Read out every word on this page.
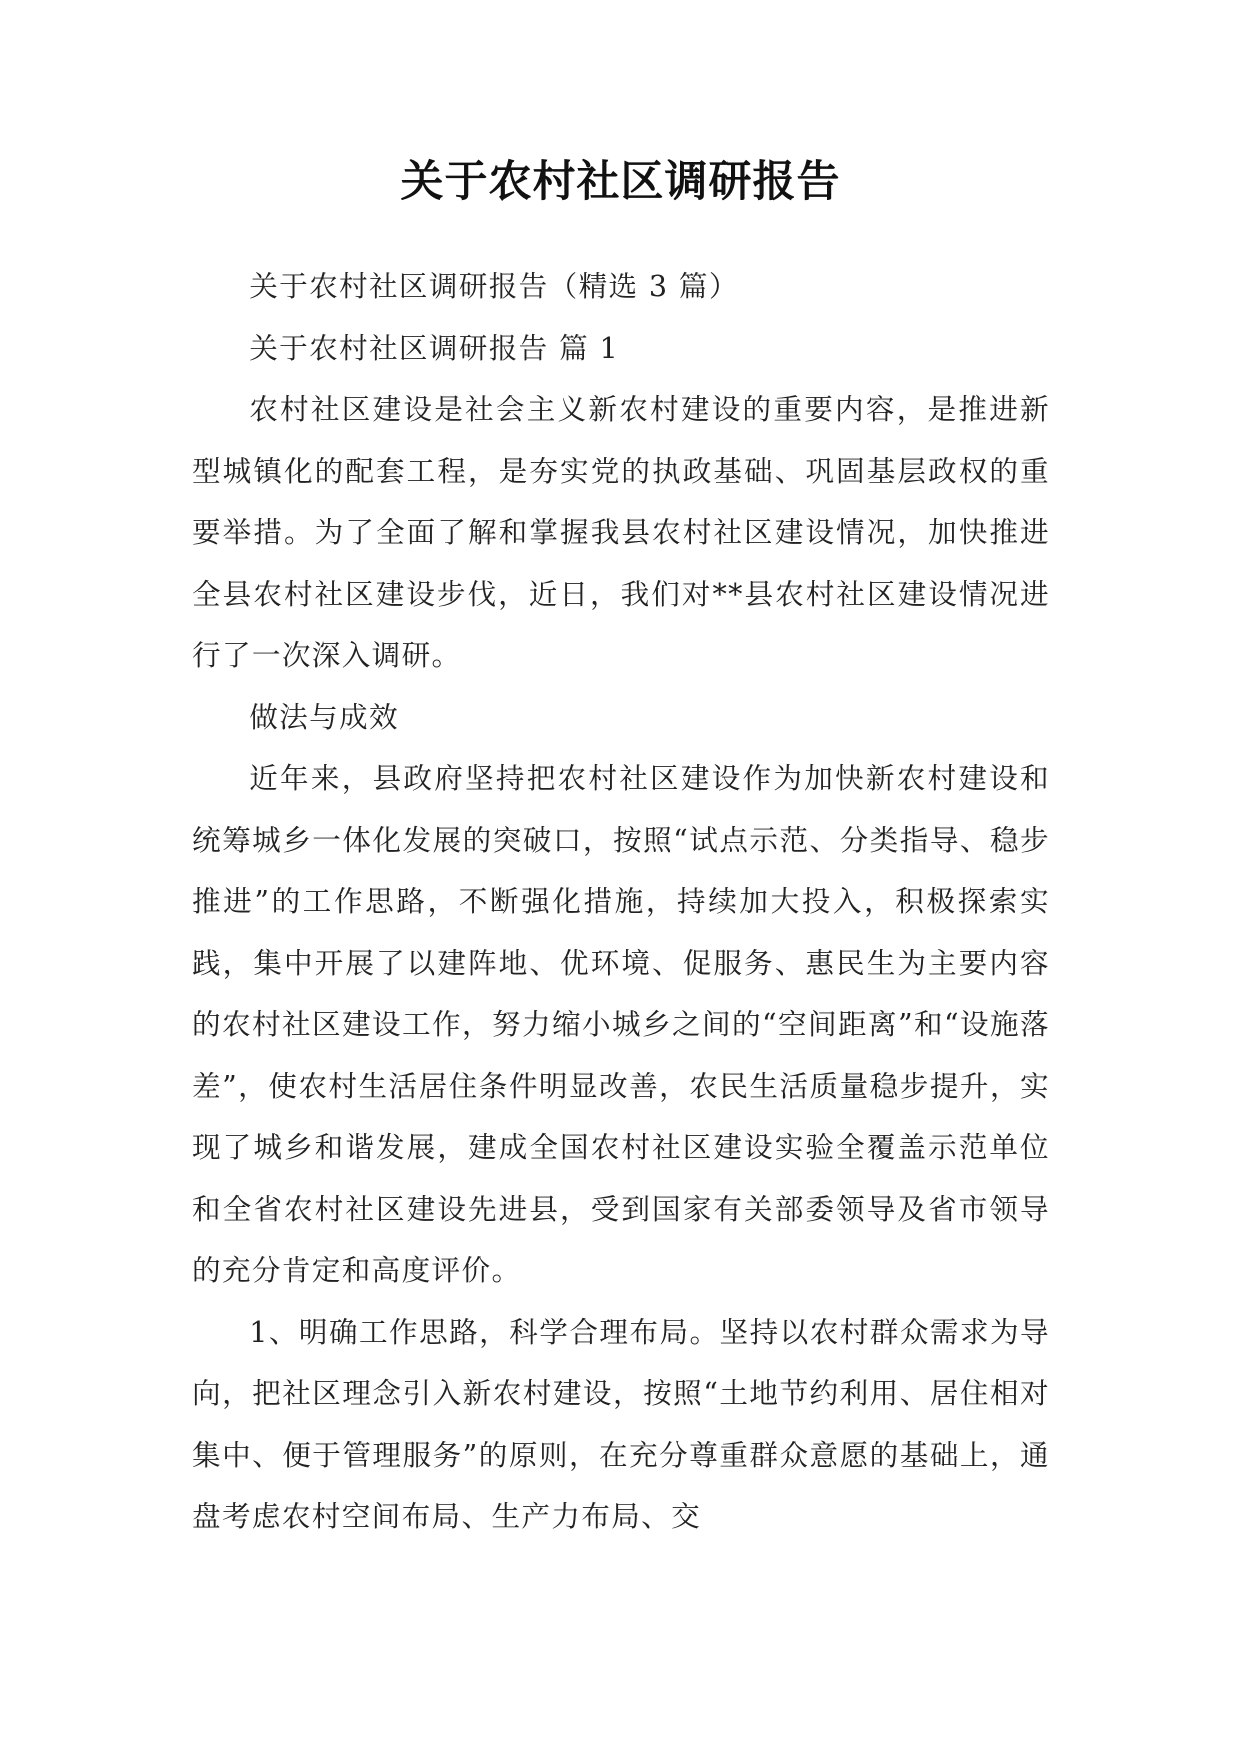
关于农村社区调研报告

关于农村社区调研报告（精选 3 篇）

关于农村社区调研报告 篇 1

农村社区建设是社会主义新农村建设的重要内容，是推进新型城镇化的配套工程，是夯实党的执政基础、巩固基层政权的重要举措。为了全面了解和掌握我县农村社区建设情况，加快推进全县农村社区建设步伐，近日，我们对**县农村社区建设情况进行了一次深入调研。

做法与成效

近年来，县政府坚持把农村社区建设作为加快新农村建设和统筹城乡一体化发展的突破口，按照“试点示范、分类指导、稳步推进”的工作思路，不断强化措施，持续加大投入，积极探索实践，集中开展了以建阵地、优环境、促服务、惠民生为主要内容的农村社区建设工作，努力缩小城乡之间的“空间距离”和“设施落差”，使农村生活居住条件明显改善，农民生活质量稳步提升，实现了城乡和谐发展，建成全国农村社区建设实验全覆盖示范单位和全省农村社区建设先进县，受到国家有关部委领导及省市领导的充分肯定和高度评价。

1、明确工作思路，科学合理布局。坚持以农村群众需求为导向，把社区理念引入新农村建设，按照“土地节约利用、居住相对集中、便于管理服务”的原则，在充分尊重群众意愿的基础上，通盘考虑农村空间布局、生产力布局、交
